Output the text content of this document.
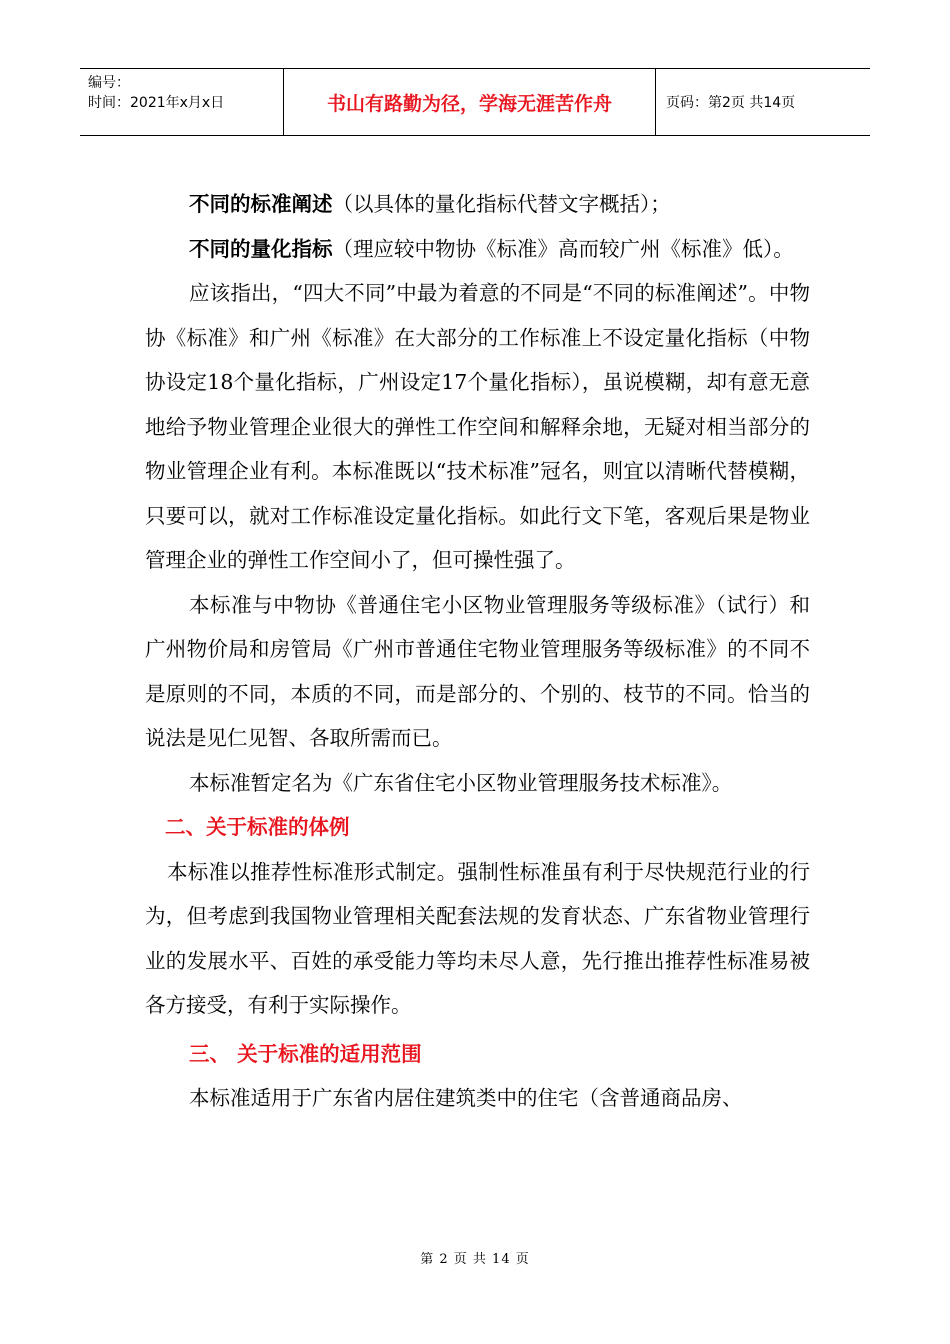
编号：
时间：2021年x月x日	书山有路勤为径，学海无涯苦作舟	页码：第2页 共14页

不同的标准阐述（以具体的量化指标代替文字概括）；

不同的量化指标（理应较中物协《标准》高而较广州《标准》低）。

应该指出，“四大不同”中最为着意的不同是“不同的标准阐述”。中物协《标准》和广州《标准》在大部分的工作标准上不设定量化指标（中物协设定18个量化指标，广州设定17个量化指标），虽说模糊，却有意无意地给予物业管理企业很大的弹性工作空间和解释余地，无疑对相当部分的物业管理企业有利。本标准既以“技术标准”冠名，则宜以清晰代替模糊，只要可以，就对工作标准设定量化指标。如此行文下笔，客观后果是物业管理企业的弹性工作空间小了，但可操性强了。

本标准与中物协《普通住宅小区物业管理服务等级标准》（试行）和广州物价局和房管局《广州市普通住宅物业管理服务等级标准》的不同不是原则的不同，本质的不同，而是部分的、个别的、枝节的不同。恰当的说法是见仁见智、各取所需而已。

本标准暂定名为《广东省住宅小区物业管理服务技术标准》。

二、关于标准的体例

本标准以推荐性标准形式制定。强制性标准虽有利于尽快规范行业的行为，但考虑到我国物业管理相关配套法规的发育状态、广东省物业管理行业的发展水平、百姓的承受能力等均未尽人意，先行推出推荐性标准易被各方接受，有利于实际操作。

三、 关于标准的适用范围

本标准适用于广东省内居住建筑类中的住宅（含普通商品房、

第 2 页 共 14 页
